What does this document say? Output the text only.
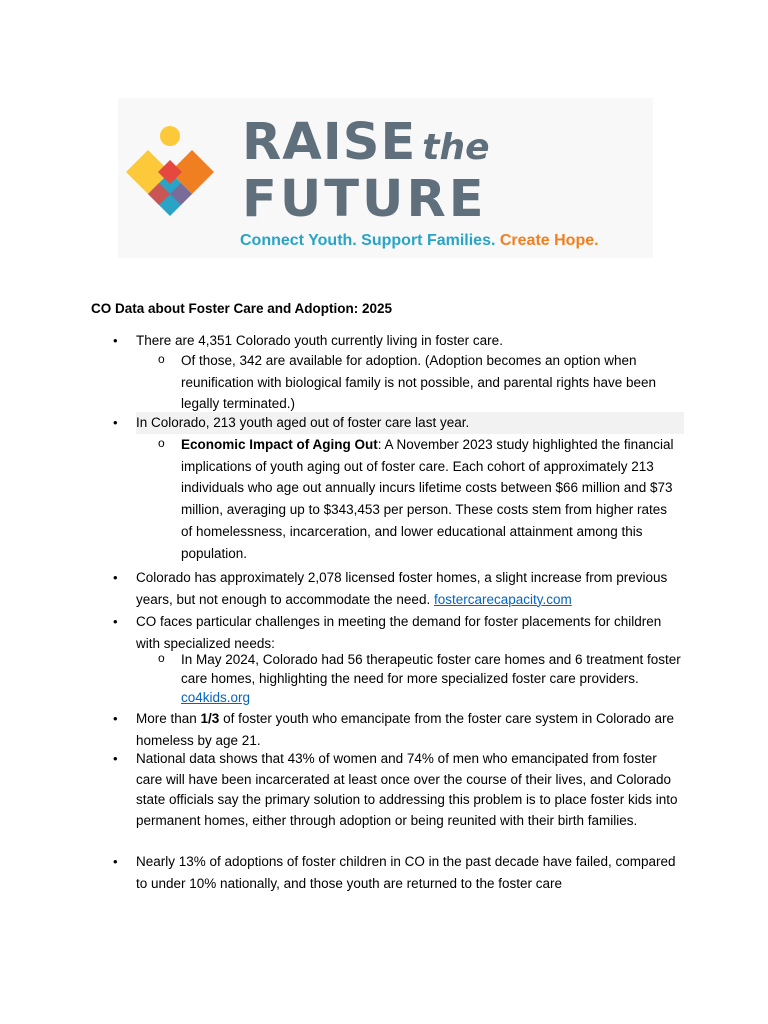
RAISE the
FUTURE
Connect Youth. Support Families. Create Hope.
CO Data about Foster Care and Adoption: 2025
• There are 4,351 Colorado youth currently living in foster care.
o Of those, 342 are available for adoption. (Adoption becomes an option when reunification with biological family is not possible, and parental rights have been legally terminated.)
• In Colorado, 213 youth aged out of foster care last year.
o Economic Impact of Aging Out: A November 2023 study highlighted the financial implications of youth aging out of foster care. Each cohort of approximately 213 individuals who age out annually incurs lifetime costs between $66 million and $73 million, averaging up to $343,453 per person. These costs stem from higher rates of homelessness, incarceration, and lower educational attainment among this population.
• Colorado has approximately 2,078 licensed foster homes, a slight increase from previous years, but not enough to accommodate the need. fostercarecapacity.com
• CO faces particular challenges in meeting the demand for foster placements for children with specialized needs:
o In May 2024, Colorado had 56 therapeutic foster care homes and 6 treatment foster care homes, highlighting the need for more specialized foster care providers. co4kids.org
• More than 1/3 of foster youth who emancipate from the foster care system in Colorado are homeless by age 21.
• National data shows that 43% of women and 74% of men who emancipated from foster care will have been incarcerated at least once over the course of their lives, and Colorado state officials say the primary solution to addressing this problem is to place foster kids into permanent homes, either through adoption or being reunited with their birth families.
• Nearly 13% of adoptions of foster children in CO in the past decade have failed, compared to under 10% nationally, and those youth are returned to the foster care
